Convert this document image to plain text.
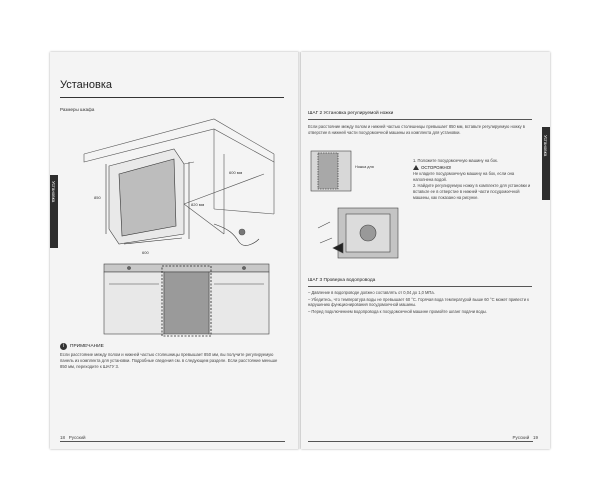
Установка
Размеры шкафа
Установка	850
600
820 мм
600 мм
i	ПРИМЕЧАНИЕ
Если расстояние между полом и нижней частью столешницы превышает 850 мм, вы получите регулируемую панель из комплекта для установки. Подробные сведения см. в следующем разделе. Если расстояние меньше 850 мм, переходите к ШАГУ 3.
18 Русский
Установка
ШАГ 2 Установка регулируемой ножки
Если расстояние между полом и нижней частью столешницы превышает 850 мм, вставьте регулируемую ножку в отверстие в нижней части посудомоечной машины из комплекта для установки.
Ножка для
1. Положите посудомоечную машину на бок.
ОСТОРОЖНО!
Не кладите посудомоечную машину на бок, если она наполнена водой.
2. Найдите регулируемую ножку в комплекте для установки и вставьте ее в отверстие в нижней части посудомоечной машины, как показано на рисунке.
ШАГ 3 Проверка водопровода
– Давление в водопроводе должно составлять от 0,04 до 1,0 МПа.
– Убедитесь, что температура воды не превышает 60 °C. Горячая вода температурой выше 60 °C может привести к нарушению функционирования посудомоечной машины.
– Перед подключением водопровода к посудомоечной машине промойте шланг подачи воды.
Русский 19
